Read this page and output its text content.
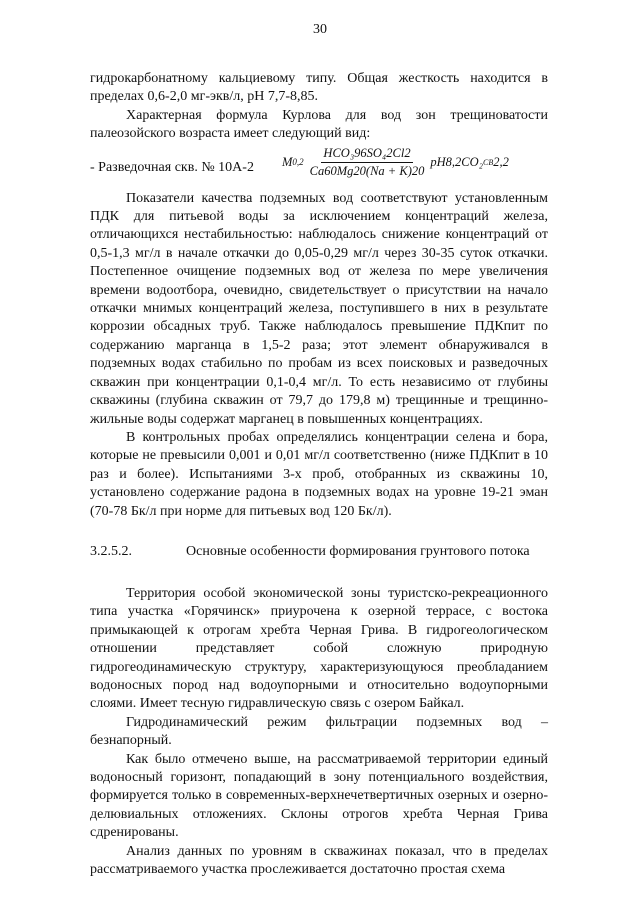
30

гидрокарбонатному кальциевому типу. Общая жесткость находится в пределах 0,6-2,0 мг-экв/л, pH 7,7-8,85.

Характерная формула Курлова для вод зон трещиноватости палеозойского возраста имеет следующий вид:

- Разведочная скв. № 10А-2 M $0,2 \frac{\text{HCO₃96SO₄2Cl2}}{Ca60Mg20(Na + K)20} pH8,2CO_2$ CB 2,2

Показатели качества подземных вод соответствуют установленным ПДК для питьевой воды за исключением концентраций железа, отличающихся нестабильностью: наблюдалось снижение концентраций от 0,5-1,3 мг/л в начале откачки до 0,05-0,29 мг/л через 30-35 суток откачки. Постепенное очищение подземных вод от железа по мере увеличения времени водоотбора, очевидно, свидетельствует о присутствии на начало откачки мнимых концентраций железа, поступившего в них в результате коррозии обсадных труб. Также наблюдалось превышение ПДКпит по содержанию марганца в 1,5-2 раза; этот элемент обнаруживался в подземных водах стабильно по пробам из всех поисковых и разведочных скважин при концентрации 0,1-0,4 мг/л. То есть независимо от глубины скважины (глубина скважин от 79,7 до 179,8 м) трещинные и трещинно-жильные воды содержат марганец в повышенных концентрациях.

В контрольных пробах определялись концентрации селена и бора, которые не превысили 0,001 и 0,01 мг/л соответственно (ниже ПДКпит в 10 раз и более). Испытаниями 3-х проб, отобранных из скважины 10, установлено содержание радона в подземных водах на уровне 19-21 эман (70-78 Бк/л при норме для питьевых вод 120 Бк/л).

3.2.5.2.	Основные особенности формирования грунтового потока

Территория особой экономической зоны туристско-рекреационного типа участка «Горячинск» приурочена к озерной террасе, с востока примыкающей к отрогам хребта Черная Грива. В гидрогеологическом отношении представляет собой сложную природную гидрогеодинамическую структуру, характеризующуюся преобладанием водоносных пород над водоупорными и относительно водоупорными слоями. Имеет тесную гидравлическую связь с озером Байкал.

Гидродинамический режим фильтрации подземных вод – безнапорный.

Как было отмечено выше, на рассматриваемой территории единый водоносный горизонт, попадающий в зону потенциального воздействия, формируется только в современных-верхнечетвертичных озерных и озерно-делювиальных отложениях. Склоны отрогов хребта Черная Грива сдренированы.

Анализ данных по уровням в скважинах показал, что в пределах рассматриваемого участка прослеживается достаточно простая схема
